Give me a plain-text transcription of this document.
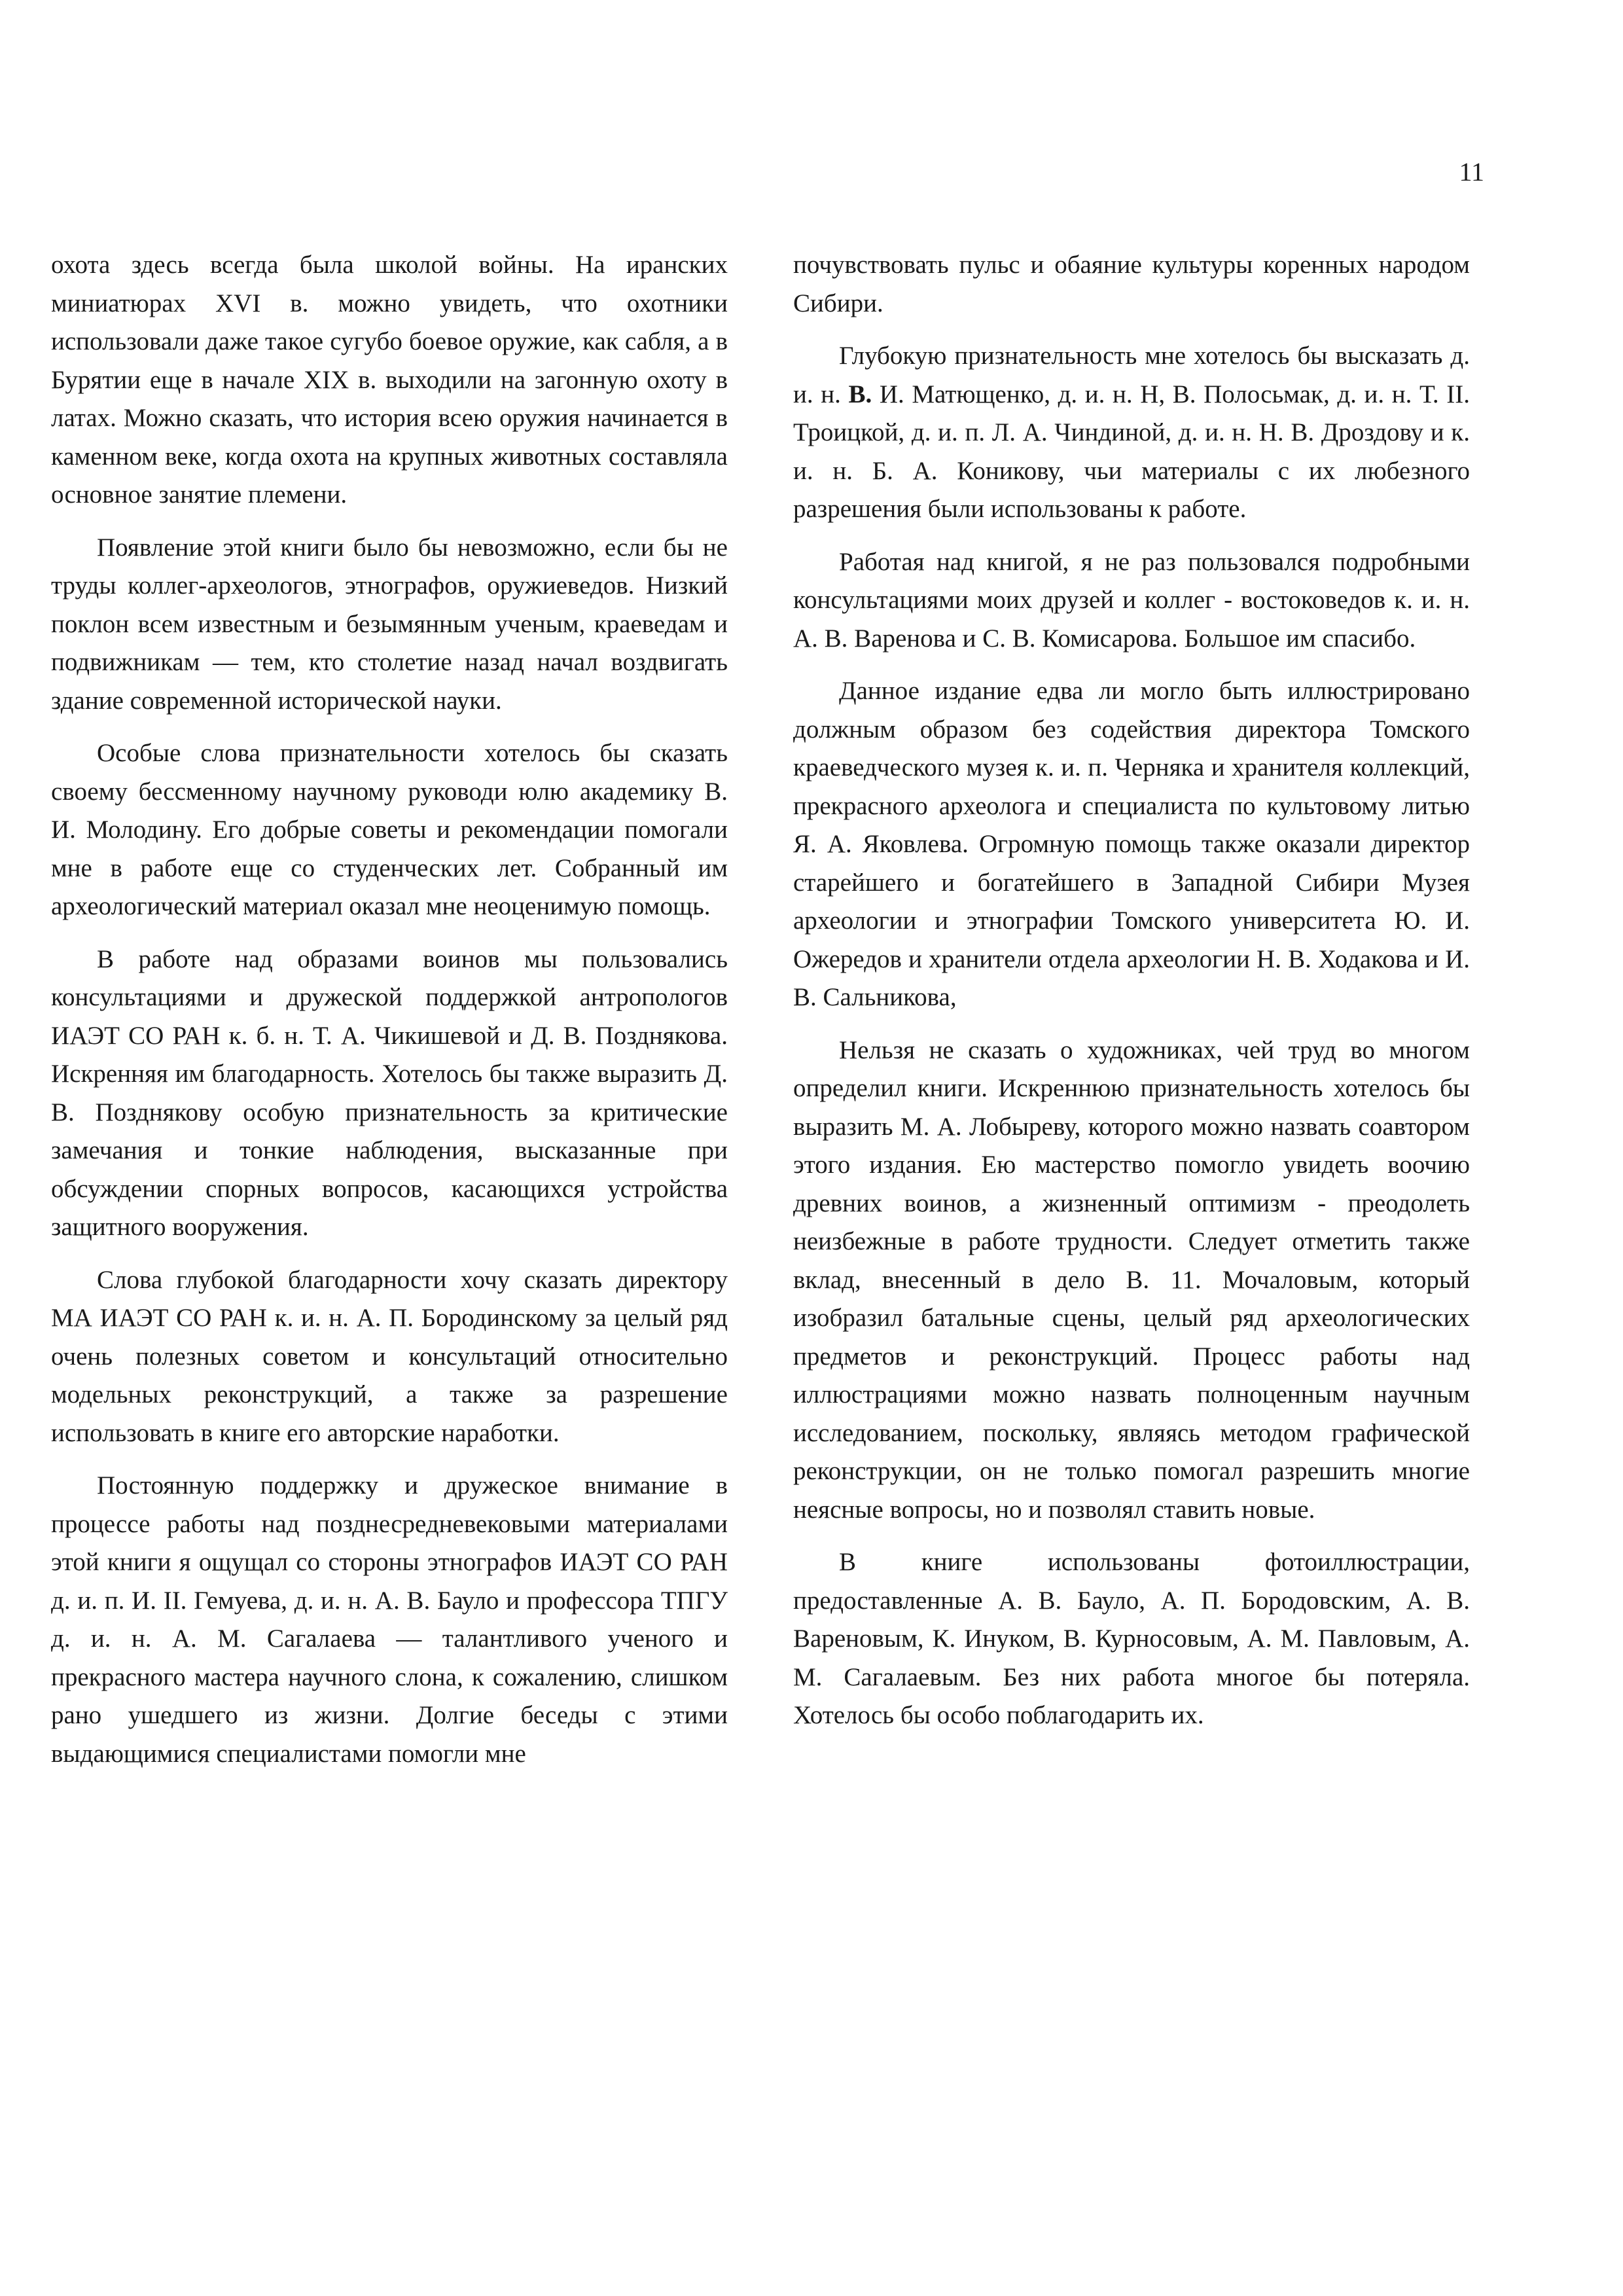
11

охота здесь всегда была школой войны. На иранских миниатюрах XVI в. можно увидеть, что охотники использовали даже такое сугубо боевое оружие, как сабля, а в Бурятии еще в начале XIX в. выходили на загонную охоту в латах. Можно сказать, что история всею оружия начинается в каменном веке, когда охота на крупных животных составляла основное занятие племени.

Появление этой книги было бы невозможно, если бы не труды коллег-археологов, этнографов, оружиеведов. Низкий поклон всем известным и безымянным ученым, краеведам и подвижникам — тем, кто столетие назад начал воздвигать здание современной исторической науки.

Особые слова признательности хотелось бы сказать своему бессменному научному руководи юлю академику В. И. Молодину. Его добрые советы и рекомендации помогали мне в работе еще со студенческих лет. Собранный им археологический материал оказал мне неоценимую помощь.

В работе над образами воинов мы пользовались консультациями и дружеской поддержкой антропологов ИАЭТ СО РАН к. б. н. Т. А. Чикишевой и Д. В. Позднякова. Искренняя им благодарность. Хотелось бы также выразить Д. В. Позднякову особую признательность за критические замечания и тонкие наблюдения, высказанные при обсуждении спорных вопросов, касающихся устройства защитного вооружения.

Слова глубокой благодарности хочу сказать директору МА ИАЭТ СО РАН к. и. н. А. П. Бородинскому за целый ряд очень полезных советом и консультаций относительно модельных реконструкций, а также за разрешение использовать в книге его авторские наработки.

Постоянную поддержку и дружеское внимание в процессе работы над позднесредневековыми материалами этой книги я ощущал со стороны этнографов ИАЭТ СО РАН д. и. п. И. II. Гемуева, д. и. н. А. В. Бауло и профессора ТПГУ д. и. н. А. М. Сагалаева — талантливого ученого и прекрасного мастера научного слона, к сожалению, слишком рано ушедшего из жизни. Долгие беседы с этими выдающимися специалистами помогли мне

почувствовать пульс и обаяние культуры коренных народом Сибири.

Глубокую признательность мне хотелось бы высказать д. и. н. В. И. Матющенко, д. и. н. Н, В. Полосьмак, д. и. н. Т. II. Троицкой, д. и. п. Л. А. Чиндиной, д. и. н. Н. В. Дроздову и к. и. н. Б. А. Коникову, чьи материалы с их любезного разрешения были использованы к работе.

Работая над книгой, я не раз пользовался подробными консультациями моих друзей и коллег - востоковедов к. и. н. А. В. Варенова и С. В. Комисарова. Большое им спасибо.

Данное издание едва ли могло быть иллюстрировано должным образом без содействия директора Томского краеведческого музея к. и. п. Черняка и хранителя коллекций, прекрасного археолога и специалиста по культовому литью Я. А. Яковлева. Огромную помощь также оказали директор старейшего и богатейшего в Западной Сибири Музея археологии и этнографии Томского университета Ю. И. Ожередов и хранители отдела археологии Н. В. Ходакова и И. В. Сальникова,

Нельзя не сказать о художниках, чей труд во многом определил книги. Искреннюю признательность хотелось бы выразить М. А. Лобыреву, которого можно назвать соавтором этого издания. Ею мастерство помогло увидеть воочию древних воинов, а жизненный оптимизм - преодолеть неизбежные в работе трудности. Следует отметить также вклад, внесенный в дело В. 11. Мочаловым, который изобразил батальные сцены, целый ряд археологических предметов и реконструкций. Процесс работы над иллюстрациями можно назвать полноценным научным исследованием, поскольку, являясь методом графической реконструкции, он не только помогал разрешить многие неясные вопросы, но и позволял ставить новые.

В книге использованы фотоиллюстрации, предоставленные А. В. Бауло, А. П. Бородовским, А. В. Вареновым, К. Инуком, В. Курносовым, А. М. Павловым, А. М. Сагалаевым. Без них работа многое бы потеряла. Хотелось бы особо поблагодарить их.
